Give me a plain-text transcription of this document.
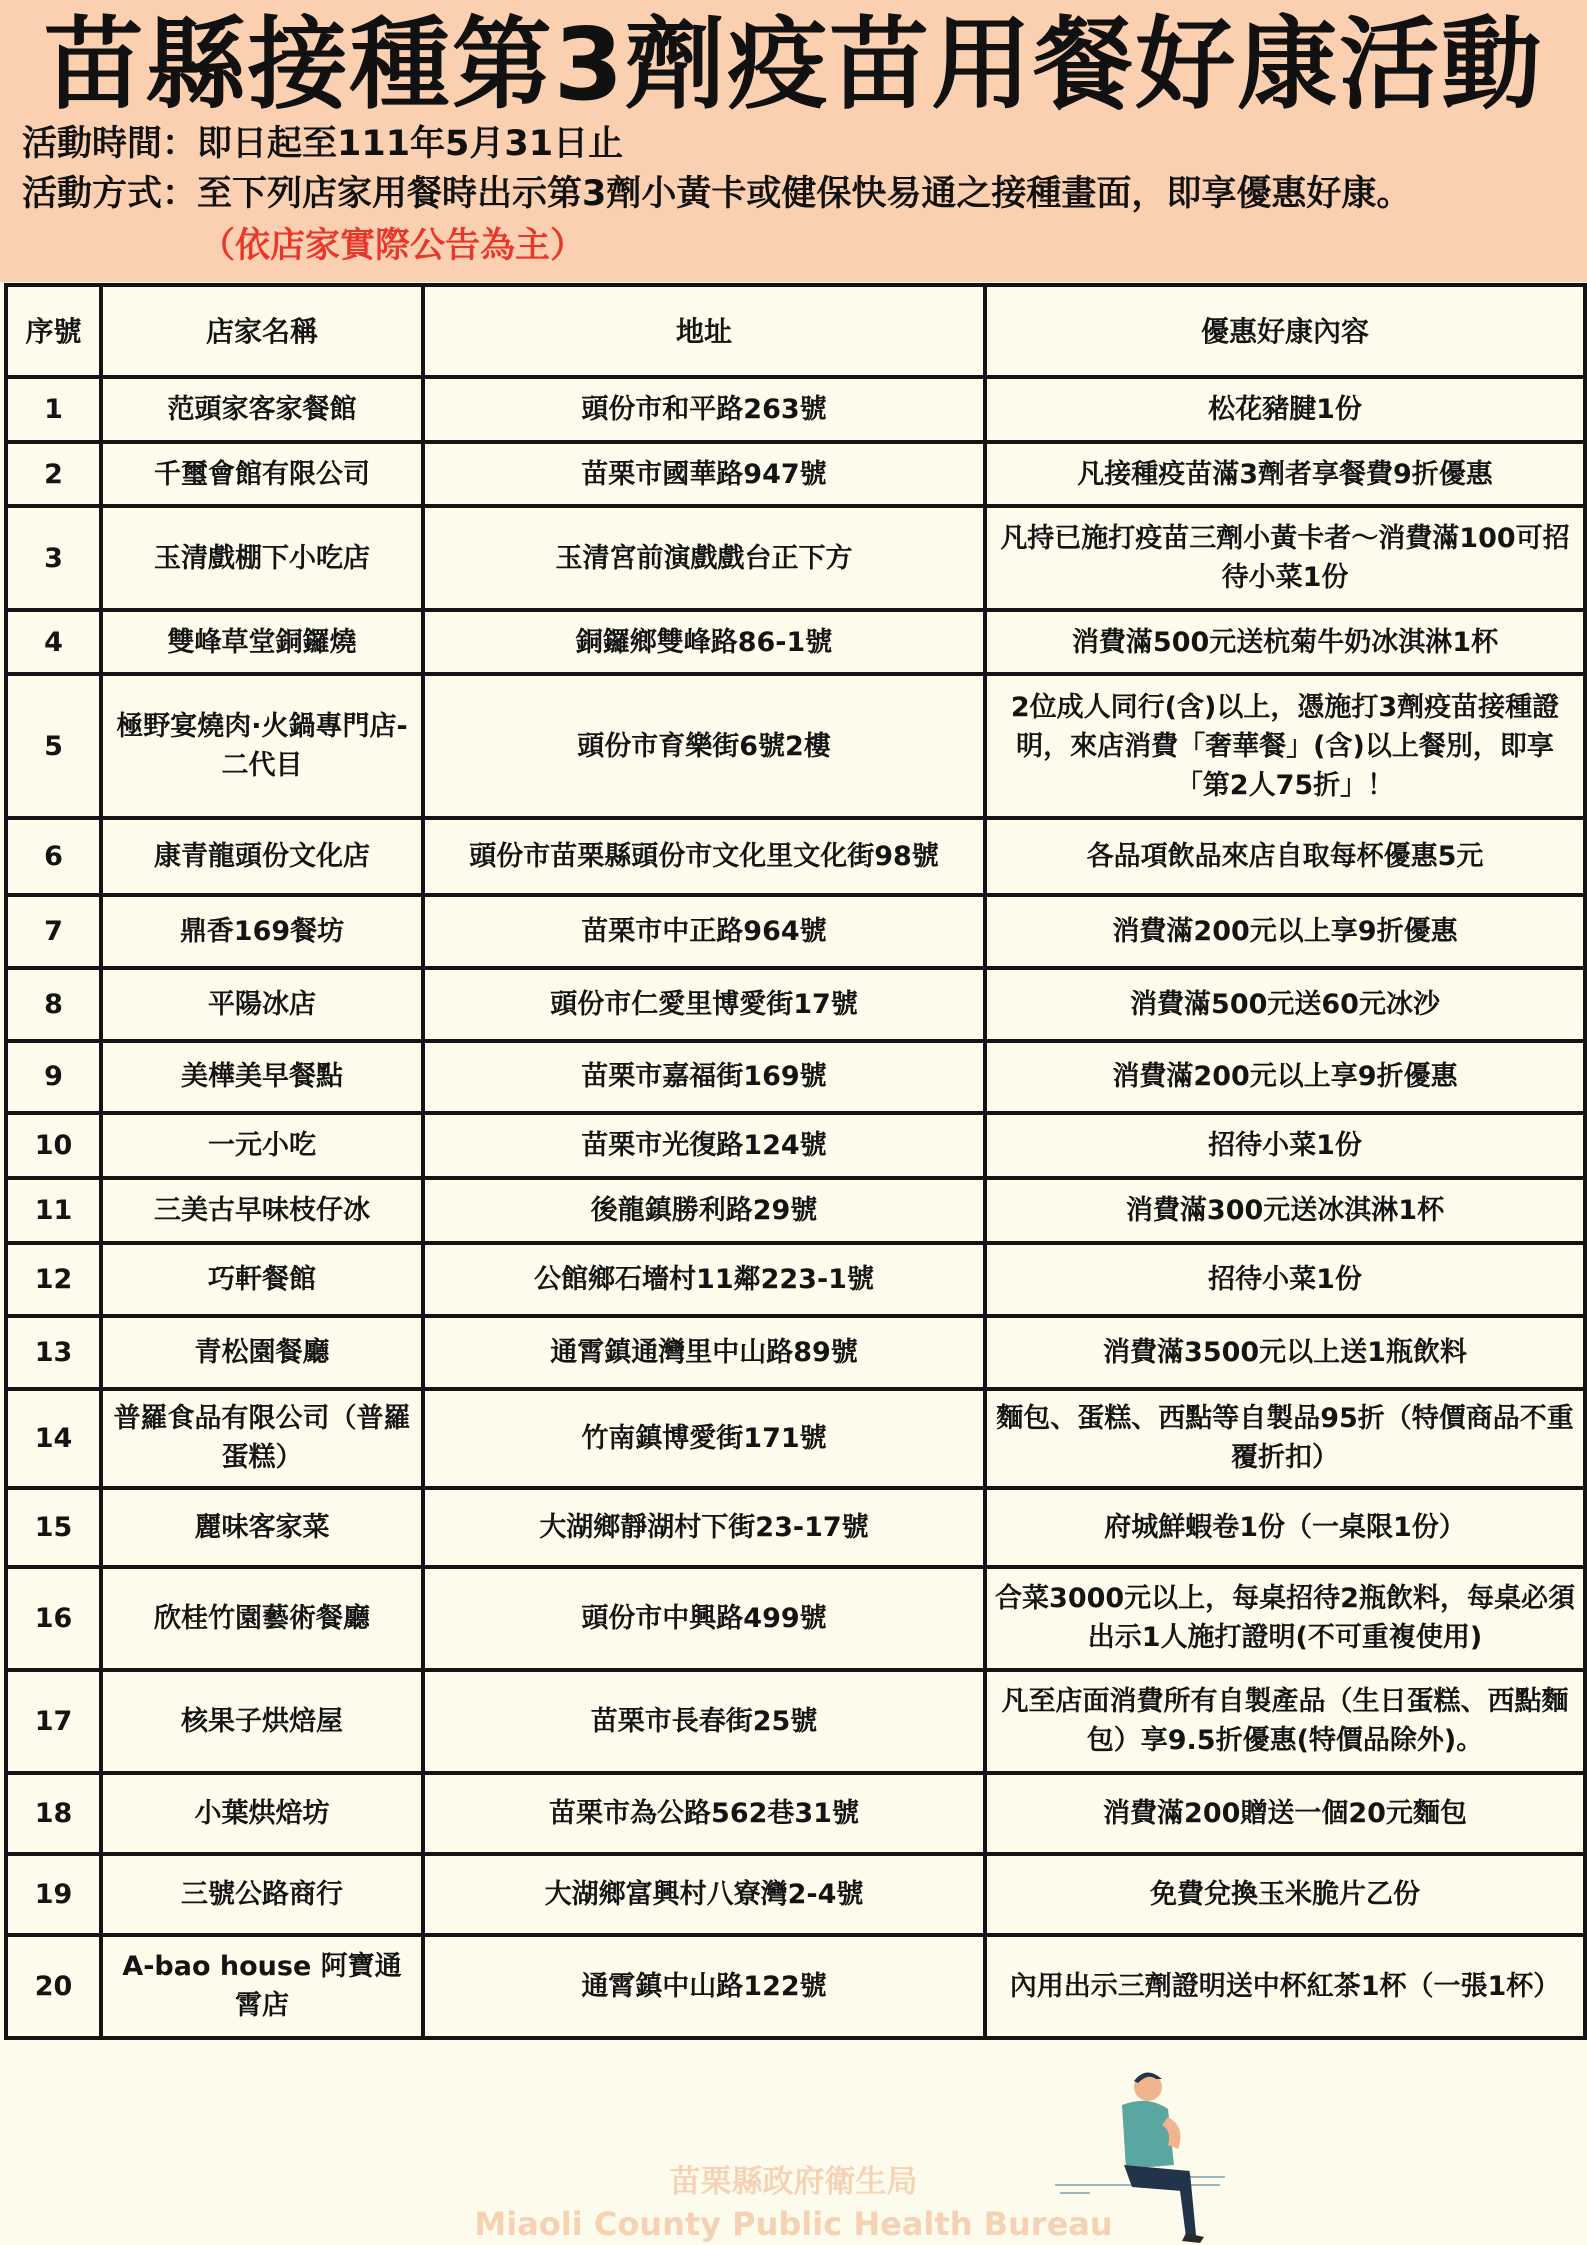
苗縣接種第3劑疫苗用餐好康活動
活動時間：即日起至111年5月31日止
活動方式：至下列店家用餐時出示第3劑小黃卡或健保快易通之接種畫面，即享優惠好康。
（依店家實際公告為主）
序號	店家名稱	地址	優惠好康內容
1	范頭家客家餐館	頭份市和平路263號	松花豬腱1份
2	千璽會館有限公司	苗栗市國華路947號	凡接種疫苗滿3劑者享餐費9折優惠
3	玉清戲棚下小吃店	玉清宮前演戲戲台正下方	凡持已施打疫苗三劑小黃卡者～消費滿100可招待小菜1份
4	雙峰草堂銅鑼燒	銅鑼鄉雙峰路86-1號	消費滿500元送杭菊牛奶冰淇淋1杯
5	極野宴燒肉·火鍋專門店-二代目	頭份市育樂街6號2樓	2位成人同行(含)以上，憑施打3劑疫苗接種證明，來店消費「奢華餐」(含)以上餐別，即享「第2人75折」！
6	康青龍頭份文化店	頭份市苗栗縣頭份市文化里文化街98號	各品項飲品來店自取每杯優惠5元
7	鼎香169餐坊	苗栗市中正路964號	消費滿200元以上享9折優惠
8	平陽冰店	頭份市仁愛里博愛街17號	消費滿500元送60元冰沙
9	美樺美早餐點	苗栗市嘉福街169號	消費滿200元以上享9折優惠
10	一元小吃	苗栗市光復路124號	招待小菜1份
11	三美古早味枝仔冰	後龍鎮勝利路29號	消費滿300元送冰淇淋1杯
12	巧軒餐館	公館鄉石墻村11鄰223-1號	招待小菜1份
13	青松園餐廳	通霄鎮通灣里中山路89號	消費滿3500元以上送1瓶飲料
14	普羅食品有限公司（普羅蛋糕）	竹南鎮博愛街171號	麵包、蛋糕、西點等自製品95折（特價商品不重覆折扣）
15	麗味客家菜	大湖鄉靜湖村下街23-17號	府城鮮蝦卷1份（一桌限1份）
16	欣桂竹園藝術餐廳	頭份市中興路499號	合菜3000元以上，每桌招待2瓶飲料，每桌必須出示1人施打證明(不可重複使用)
17	核果子烘焙屋	苗栗市長春街25號	凡至店面消費所有自製產品（生日蛋糕、西點麵包）享9.5折優惠(特價品除外)。
18	小葉烘焙坊	苗栗市為公路562巷31號	消費滿200贈送一個20元麵包
19	三號公路商行	大湖鄉富興村八寮灣2-4號	免費兌換玉米脆片乙份
20	A-bao house 阿寶通霄店	通霄鎮中山路122號	內用出示三劑證明送中杯紅茶1杯（一張1杯）
苗栗縣政府衛生局
Miaoli County Public Health Bureau
